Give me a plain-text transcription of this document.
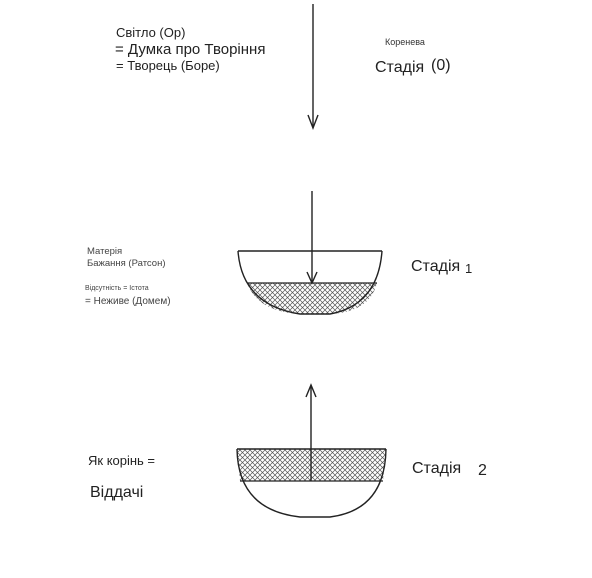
Світло (Ор)
= Думка про Творіння
= Творець (Боре)
Коренева
Стадія (0)
Матерія
Бажання (Ратсон)
Відсутність = Істота
= Неживе (Домем)
Стадія 1
Як корінь =
Віддачі
Стадія 2
